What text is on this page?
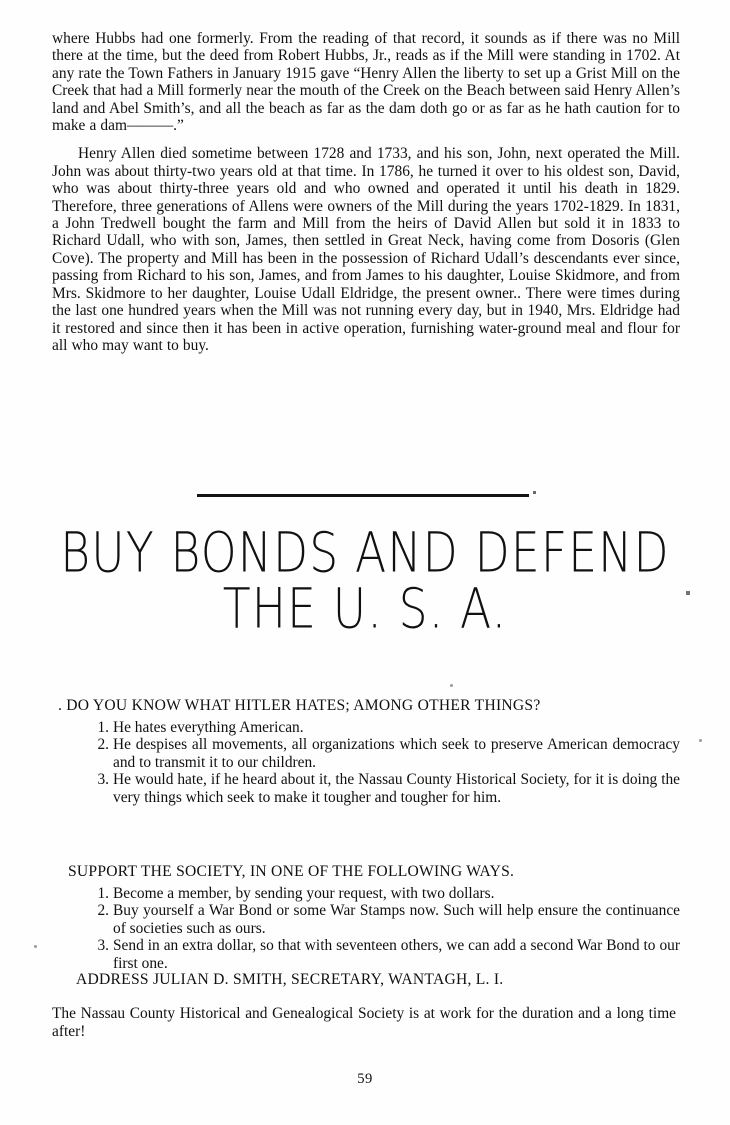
where Hubbs had one formerly. From the reading of that record, it sounds as if there was no Mill there at the time, but the deed from Robert Hubbs, Jr., reads as if the Mill were standing in 1702. At any rate the Town Fathers in January 1915 gave “Henry Allen the liberty to set up a Grist Mill on the Creek that had a Mill formerly near the mouth of the Creek on the Beach between said Henry Allen’s land and Abel Smith’s, and all the beach as far as the dam doth go or as far as he hath caution for to make a dam———.”

Henry Allen died sometime between 1728 and 1733, and his son, John, next operated the Mill. John was about thirty-two years old at that time. In 1786, he turned it over to his oldest son, David, who was about thirty-three years old and who owned and operated it until his death in 1829. Therefore, three generations of Allens were owners of the Mill during the years 1702-1829. In 1831, a John Tredwell bought the farm and Mill from the heirs of David Allen but sold it in 1833 to Richard Udall, who with son, James, then settled in Great Neck, having come from Dosoris (Glen Cove). The property and Mill has been in the possession of Richard Udall’s descendants ever since, passing from Richard to his son, James, and from James to his daughter, Louise Skidmore, and from Mrs. Skidmore to her daughter, Louise Udall Eldridge, the present owner.. There were times during the last one hundred years when the Mill was not running every day, but in 1940, Mrs. Eldridge had it restored and since then it has been in active operation, furnishing water-ground meal and flour for all who may want to buy.

BUY BONDS AND DEFEND
THE U. S. A.
. DO YOU KNOW WHAT HITLER HATES; AMONG OTHER THINGS?
1. He hates everything American.
2. He despises all movements, all organizations which seek to preserve American democracy and to transmit it to our children.
3. He would hate, if he heard about it, the Nassau County Historical Society, for it is doing the very things which seek to make it tougher and tougher for him.
SUPPORT THE SOCIETY, IN ONE OF THE FOLLOWING WAYS.
1. Become a member, by sending your request, with two dollars.
2. Buy yourself a War Bond or some War Stamps now. Such will help ensure the continuance of societies such as ours.
3. Send in an extra dollar, so that with seventeen others, we can add a second War Bond to our first one.
ADDRESS JULIAN D. SMITH, SECRETARY, WANTAGH, L. I.

The Nassau County Historical and Genealogical Society is at work for the duration and a long time after!

59
